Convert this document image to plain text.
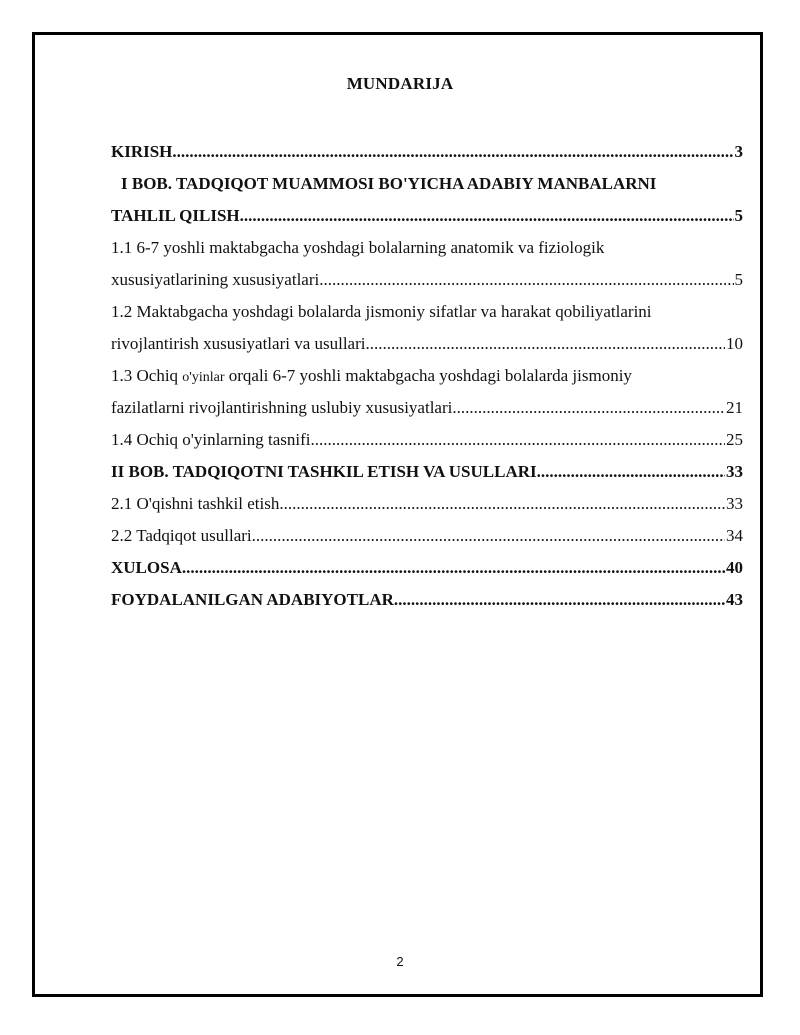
MUNDARIJA
KIRISH .....	3
I BOB. TADQIQOT MUAMMOSI BO'YICHA ADABIY MANBALARNI
TAHLIL QILISH .....	5
1.1 6-7 yoshli maktabgacha yoshdagi bolalarning anatomik va fiziologik
xususiyatlarining xususiyatlari .....	5
1.2 Maktabgacha yoshdagi bolalarda jismoniy sifatlar va harakat qobiliyatlarini
rivojlantirish xususiyatlari va usullari .....	10
1.3 Ochiq o'yinlar orqali 6-7 yoshli maktabgacha yoshdagi bolalarda jismoniy
fazilatlarni rivojlantirishning uslubiy xususiyatlari .....	21
1.4 Ochiq o'yinlarning tasnifi .....	25
II BOB. TADQIQOTNI TASHKIL ETISH VA USULLARI .....	33
2.1 O'qishni tashkil etish .....	33
2.2 Tadqiqot usullari .....	34
XULOSA .....	40
FOYDALANILGAN ADABIYOTLAR .....	43
2
